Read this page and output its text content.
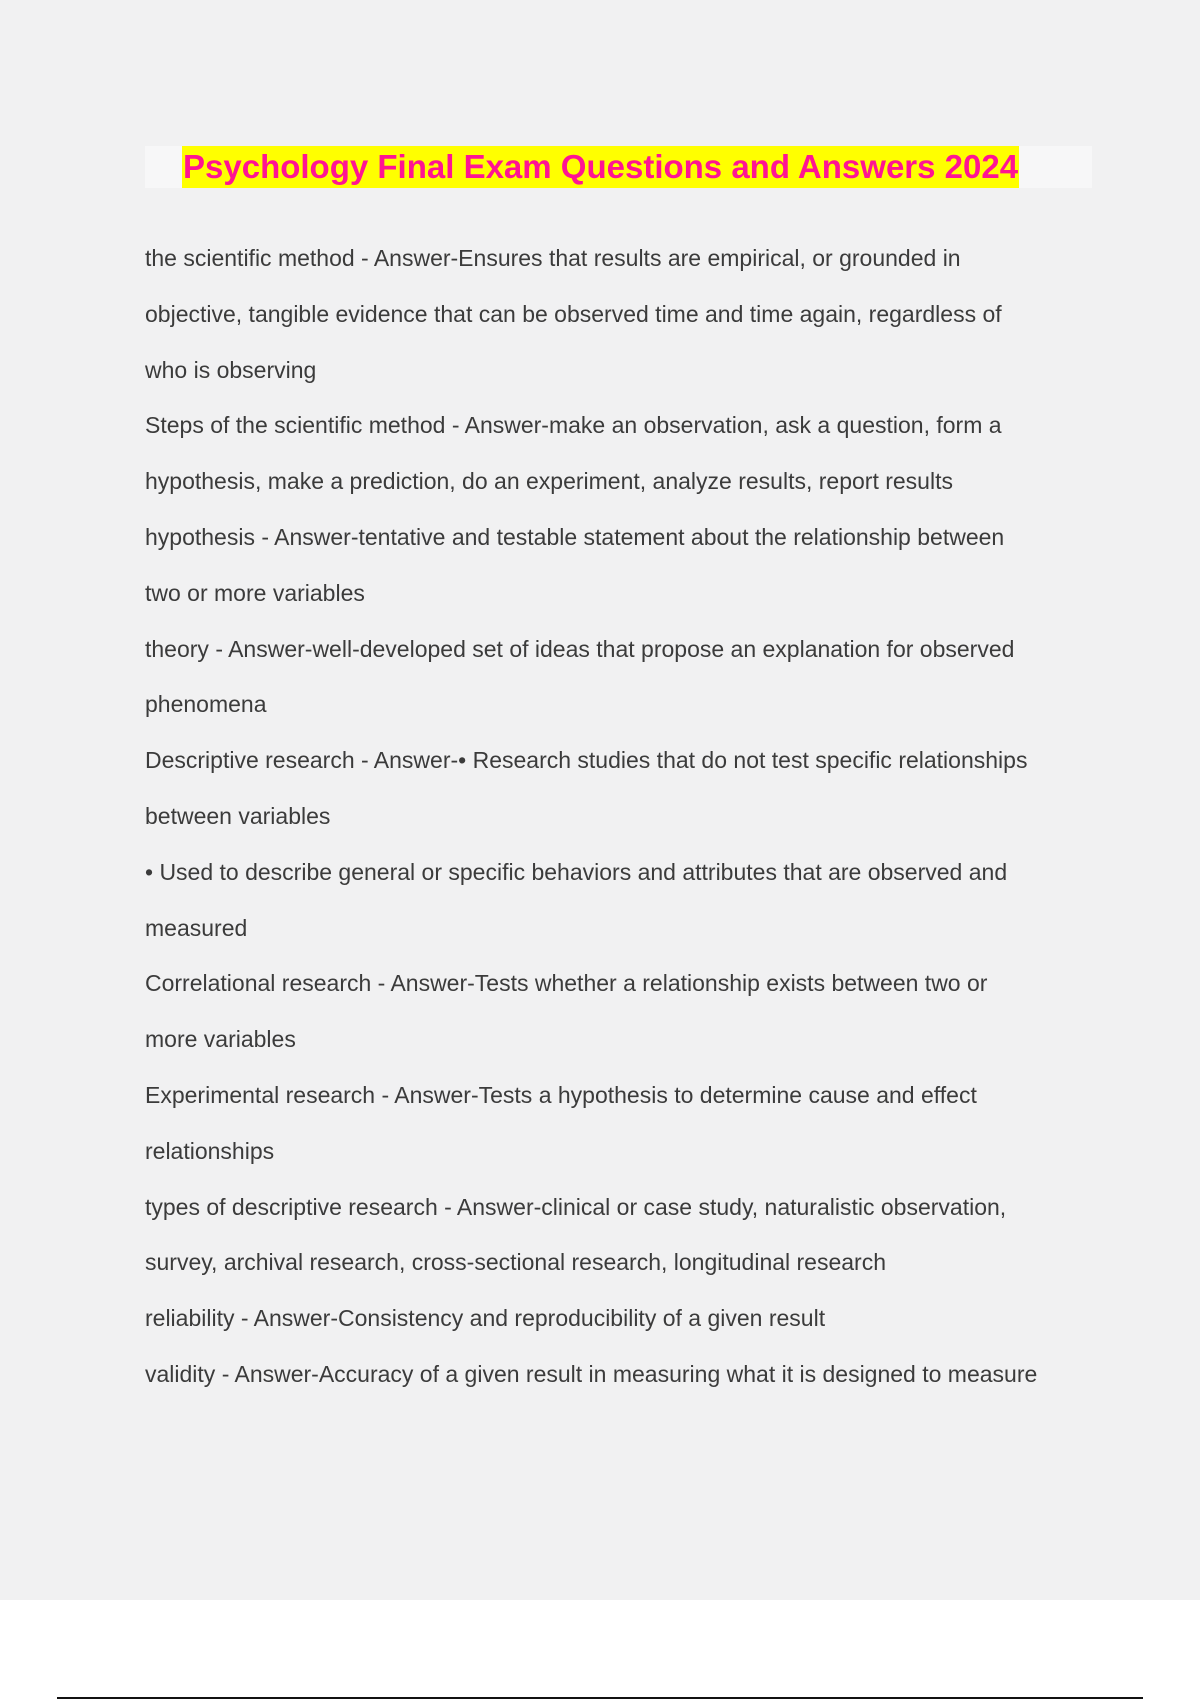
Psychology Final Exam Questions and Answers 2024
the scientific method - Answer-Ensures that results are empirical, or grounded in
objective, tangible evidence that can be observed time and time again, regardless of
who is observing
Steps of the scientific method - Answer-make an observation, ask a question, form a
hypothesis, make a prediction, do an experiment, analyze results, report results
hypothesis - Answer-tentative and testable statement about the relationship between
two or more variables
theory - Answer-well-developed set of ideas that propose an explanation for observed
phenomena
Descriptive research - Answer-• Research studies that do not test specific relationships
between variables
• Used to describe general or specific behaviors and attributes that are observed and
measured
Correlational research - Answer-Tests whether a relationship exists between two or
more variables
Experimental research - Answer-Tests a hypothesis to determine cause and effect
relationships
types of descriptive research - Answer-clinical or case study, naturalistic observation,
survey, archival research, cross-sectional research, longitudinal research
reliability - Answer-Consistency and reproducibility of a given result
validity - Answer-Accuracy of a given result in measuring what it is designed to measure
